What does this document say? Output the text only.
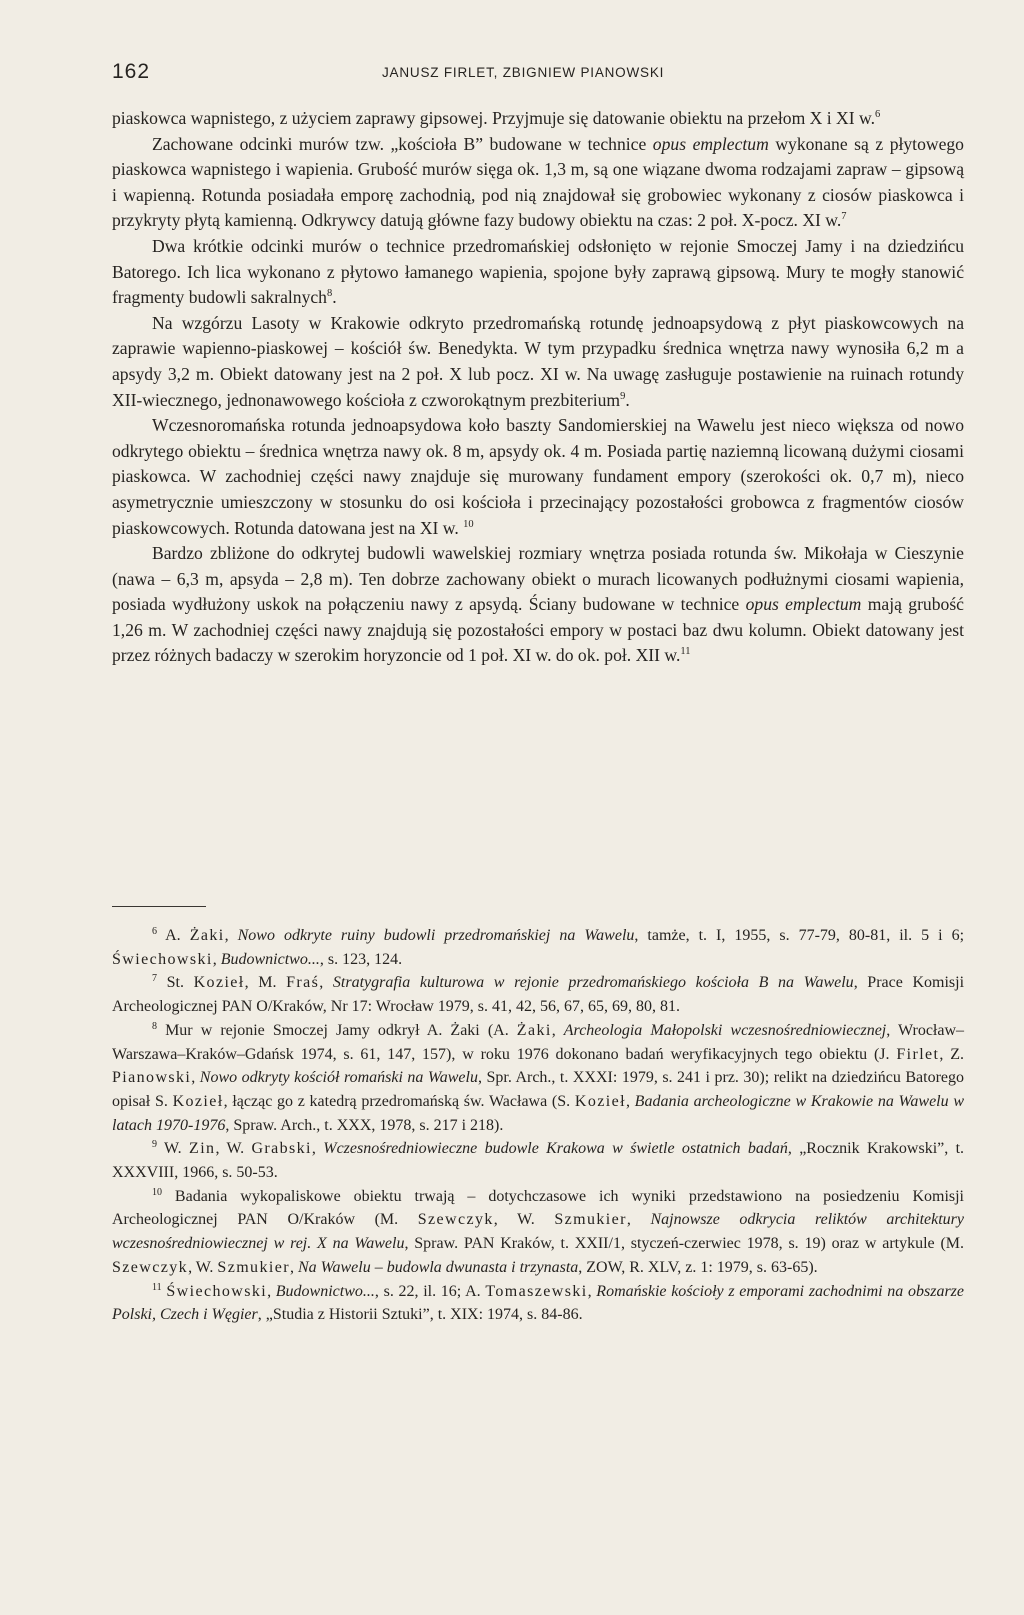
162	JANUSZ FIRLET, ZBIGNIEW PIANOWSKI

piaskowca wapnistego, z użyciem zaprawy gipsowej. Przyjmuje się datowanie obiektu na przełom X i XI w.$^6$

Zachowane odcinki murów tzw. „kościoła B” budowane w technice opus emplectum wykonane są z płytowego piaskowca wapnistego i wapienia. Grubość murów sięga ok. 1,3 m, są one wiązane dwoma rodzajami zapraw – gipsową i wapienną. Rotunda posiadała emporę zachodnią, pod nią znajdował się grobowiec wykonany z ciosów piaskowca i przykryty płytą kamienną. Odkrywcy datują główne fazy budowy obiektu na czas: 2 poł. X-pocz. XI w.$^7$

Dwa krótkie odcinki murów o technice przedromańskiej odsłonięto w rejonie Smoczej Jamy i na dziedzińcu Batorego. Ich lica wykonano z płytowo łamanego wapienia, spojone były zaprawą gipsową. Mury te mogły stanowić fragmenty budowli sakralnych$^8$.

Na wzgórzu Lasoty w Krakowie odkryto przedromańską rotundę jednoapsydową z płyt piaskowcowych na zaprawie wapienno-piaskowej – kościół św. Benedykta. W tym przypadku średnica wnętrza nawy wynosiła 6,2 m a apsydy 3,2 m. Obiekt datowany jest na 2 poł. X lub pocz. XI w. Na uwagę zasługuje postawienie na ruinach rotundy XII-wiecznego, jednonawowego kościoła z czworokątnym prezbiterium$^9$.

Wczesnoromańska rotunda jednoapsydowa koło baszty Sandomierskiej na Wawelu jest nieco większa od nowo odkrytego obiektu – średnica wnętrza nawy ok. 8 m, apsydy ok. 4 m. Posiada partię naziemną licowaną dużymi ciosami piaskowca. W zachodniej części nawy znajduje się murowany fundament empory (szerokości ok. 0,7 m), nieco asymetrycznie umieszczony w stosunku do osi kościoła i przecinający pozostałości grobowca z fragmentów ciosów piaskowcowych. Rotunda datowana jest na XI w. $^{10}$

Bardzo zbliżone do odkrytej budowli wawelskiej rozmiary wnętrza posiada rotunda św. Mikołaja w Cieszynie (nawa – 6,3 m, apsyda – 2,8 m). Ten dobrze zachowany obiekt o murach licowanych podłużnymi ciosami wapienia, posiada wydłużony uskok na połączeniu nawy z apsydą. Ściany budowane w technice opus emplectum mają grubość 1,26 m. W zachodniej części nawy znajdują się pozostałości empory w postaci baz dwu kolumn. Obiekt datowany jest przez różnych badaczy w szerokim horyzoncie od 1 poł. XI w. do ok. poł. XII w.$^{11}$

$^6$ A. Żaki, Nowo odkryte ruiny budowli przedromańskiej na Wawelu, tamże, t. I, 1955, s. 77-79, 80-81, il. 5 i 6; Świechowski, Budownictwo..., s. 123, 124.

$^7$ St. Kozieł, M. Fraś, Stratygrafia kulturowa w rejonie przedromańskiego kościoła B na Wawelu, Prace Komisji Archeologicznej PAN O/Kraków, Nr 17: Wrocław 1979, s. 41, 42, 56, 67, 65, 69, 80, 81.

$^8$ Mur w rejonie Smoczej Jamy odkrył A. Żaki (A. Żaki, Archeologia Małopolski wczesnośredniowiecznej, Wrocław–Warszawa–Kraków–Gdańsk 1974, s. 61, 147, 157), w roku 1976 dokonano badań weryfikacyjnych tego obiektu (J. Firlet, Z. Pianowski, Nowo odkryty kościół romański na Wawelu, Spr. Arch., t. XXXI: 1979, s. 241 i prz. 30); relikt na dziedzińcu Batorego opisał S. Kozieł, łącząc go z katedrą przedromańską św. Wacława (S. Kozieł, Badania archeologiczne w Krakowie na Wawelu w latach 1970-1976, Spraw. Arch., t. XXX, 1978, s. 217 i 218).

$^9$ W. Zin, W. Grabski, Wczesnośredniowieczne budowle Krakowa w świetle ostatnich badań, „Rocznik Krakowski”, t. XXXVIII, 1966, s. 50-53.

$^{10}$ Badania wykopaliskowe obiektu trwają – dotychczasowe ich wyniki przedstawiono na posiedzeniu Komisji Archeologicznej PAN O/Kraków (M. Szewczyk, W. Szmukier, Najnowsze odkrycia reliktów architektury wczesnośredniowiecznej w rej. X na Wawelu, Spraw. PAN Kraków, t. XXII/1, styczeń-czerwiec 1978, s. 19) oraz w artykule (M. Szewczyk, W. Szmukier, Na Wawelu – budowla dwunasta i trzynasta, ZOW, R. XLV, z. 1: 1979, s. 63-65).

$^{11}$ Świechowski, Budownictwo..., s. 22, il. 16; A. Tomaszewski, Romańskie kościoły z emporami zachodnimi na obszarze Polski, Czech i Węgier, „Studia z Historii Sztuki”, t. XIX: 1974, s. 84-86.
